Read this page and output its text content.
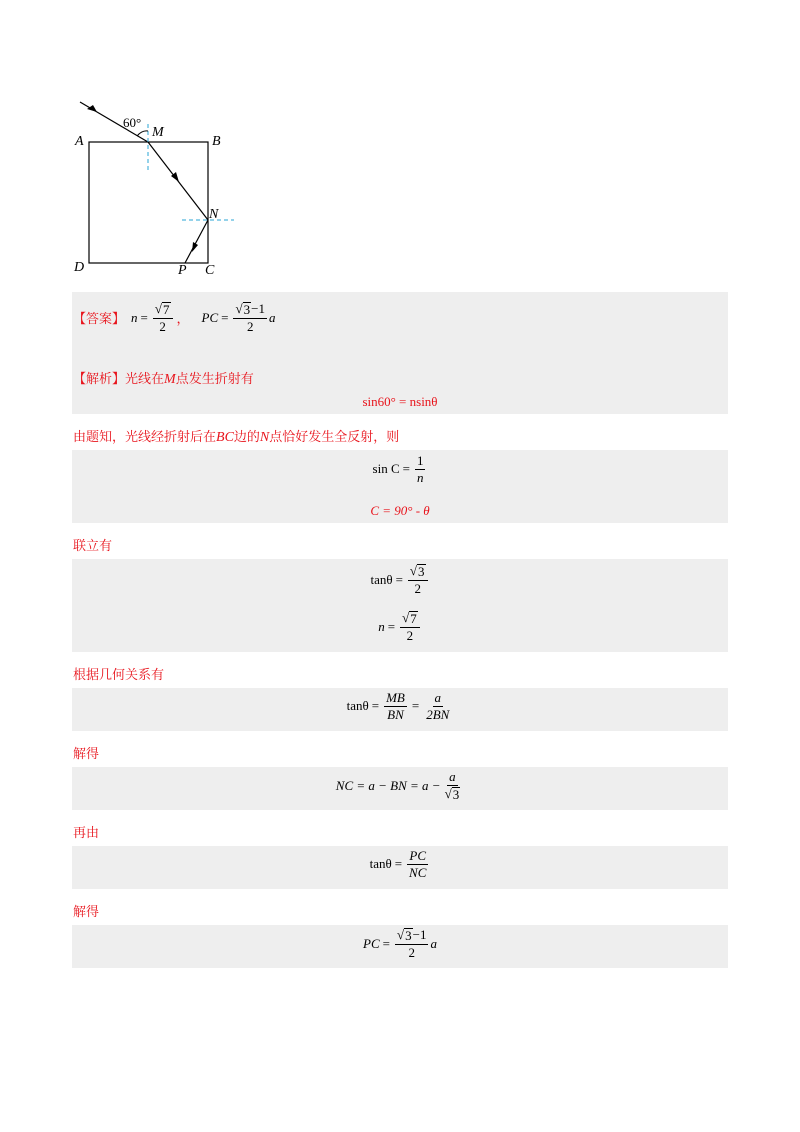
A	B
C
D
M
N
P
60°
【答案】 $n = \frac{√ 7}{2}$ ， PC = $\frac{√ 3 -1}{2}$ a
【解析】光线在M点发生折射有
sin60° = nsinθ
由题知，光线经折射后在BC边的N点恰好发生全反射，则
$\sin C = \frac{1}{n}$
C = 90° - θ
联立有
$\tan\theta = \frac{√ 3}{2}$
$n = \frac{√ 7}{2}$
根据几何关系有
$\tan\theta = \frac{MB}{BN} = \frac{a}{2BN}$
解得
NC = a − BN = $a - \frac{a}{√ 3}$
再由
$\tan\theta = \frac{PC}{NC}$
解得
PC = $\frac{√ 3 -1}{2}$ a
